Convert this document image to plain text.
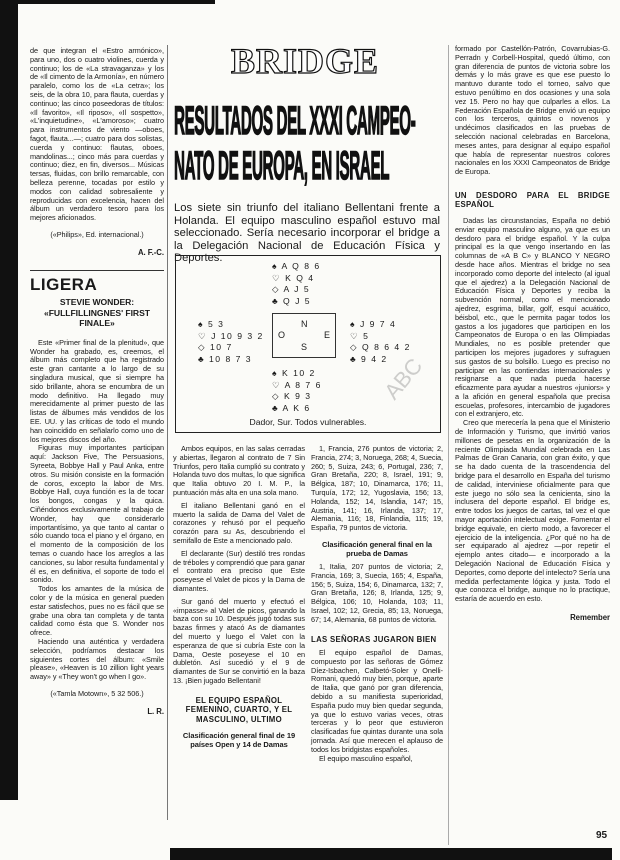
de que integran el «Estro armónico», para uno, dos o cuatro violines, cuerda y continuo; los de «La stravaganza» y los de «Il cimento de la Armonía», en número paralelo, como los de «La cetra»; los seis, de la obra 10, para flauta, cuerdas y continuo; las cinco poseedoras de títulos: «Il favorito», «Il riposo», «Il sospetto», «L'inquietudine», «L'amoroso»; cuatro para instrumentos de viento —oboes, fagot, flauta...—; cuatro para dos solistas, cuerda y continuo: flautas, oboes, mandolinas...; cinco más para cuerdas y continuo; diez, en fin, diversos... Músicas tersas, fluidas, con brillo remarcable, con belleza perenne, tocadas por estilo y modos con calidad sobresaliente y reproducidas con excelencia, hacen del álbum un verdadero tesoro para los mejores aficionados.

(«Philips», Ed. internacional.)
A. F.-C.
LIGERA
STEVIE WONDER: «FULLFILLINGNES' FIRST FINALE»

Este «Primer final de la plenitud», que Wonder ha grabado, es, creemos, el álbum más completo que ha registrado este gran cantante a lo largo de su singladura musical, que si siempre ha sido brillante, ahora se encumbra de un modo definitivo. Ha llegado muy merecidamente al primer puesto de las listas de álbumes más vendidos de los EE. UU. y las críticas de todo el mundo han coincidido en señalarlo como uno de los mejores discos del año.

Figuras muy importantes participan aquí: Jackson Five, The Persuasions, Syreeta, Bobbye Hall y Paul Anka, entre otros. Su misión consiste en la formación de coros, excepto la labor de Mrs. Bobbye Hall, cuya función es la de tocar los bongos, congas y la quica. Ciñéndonos exclusivamente al trabajo de Wonder, hay que considerarlo importantísimo, ya que tanto al cantar o sólo cuando toca el piano y el órgano, en el momento de la composición de los temas o cuando hace los arreglos a las canciones, su labor resulta fundamental y él es, en definitiva, el soporte de todo el sonido.

Todos los amantes de la música de color y de la música en general pueden estar satisfechos, pues no es fácil que se grabe una obra tan completa y de tanta calidad como ésta que S. Wonder nos ofrece.

Haciendo una auténtica y verdadera selección, podríamos destacar los siguientes cortes del álbum: «Smile please», «Heaven is 10 zillion light years away» y «They won't go when I go».

(«Tamla Motown», 5 32 506.)
L. R.
BRIDGE
RESULTADOS DEL XXXI CAMPEO-
NATO DE EUROPA, EN ISRAEL
Los siete sin triunfo del italiano Bellentani frente a Holanda. El equipo masculino español estuvo mal seleccionado. Sería necesario incorporar el bridge a la Delegación Nacional de Educación Física y Deportes.
♠ A Q 8 6
♡ K Q 4
◇ A J 5
♣ Q J 5
♠ 5 3
♡ J 10 9 3 2
◇ 10 7
♣ 10 8 7 3
N
O	E
S
♠ J 9 7 4
♡ 5
◇ Q 8 6 4 2
♣ 9 4 2
♠ K 10 2
♡ A 8 7 6
◇ K 9 3
♣ A K 6
ABC
Dador, Sur. Todos vulnerables.

Ambos equipos, en las salas cerradas y abiertas, llegaron al contrato de 7 Sin Triunfos, pero Italia cumplió su contrato y Holanda tuvo dos multas, lo que significa que Italia obtuvo 20 I. M. P., la puntuación más alta en una sola mano.

El italiano Bellentani ganó en el muerto la salida de Dama del Valet de corazones y rehusó por el pequeño corazón para su As, descubriendo el semifallo de Este a mencionado palo.

El declarante (Sur) destiló tres rondas de tréboles y comprendió que para ganar el contrato era preciso que Este poseyese el Valet de picos y la Dama de diamantes.

Sur ganó del muerto y efectuó el «impasse» al Valet de picos, ganando la baza con su 10. Después jugó todas sus bazas firmes y atacó As de diamantes del muerto y luego el Valet con la esperanza de que si cubría Este con la Dama, Oeste poseyese el 10 en dubletón. Así sucedió y el 9 de diamantes de Sur se convirtió en la baza 13. ¡Bien jugado Bellentani!

EL EQUIPO ESPAÑOL FEMENINO, CUARTO, Y EL MASCULINO, ULTIMO
Clasificación general final de 19 países Open y 14 de Damas

1, Francia, 276 puntos de victoria; 2, Francia, 274; 3, Noruega, 268; 4, Suecia, 260; 5, Suiza, 243; 6, Portugal, 236; 7, Gran Bretaña, 220; 8, Israel, 191; 9, Bélgica, 187; 10, Dinamarca, 176; 11, Turquía, 172; 12, Yugoslavia, 156; 13, Holanda, 152; 14, Islandia, 147; 15, Austria, 141; 16, Irlanda, 137; 17, Alemania, 116; 18, Finlandia, 115; 19, España, 79 puntos de victoria.

Clasificación general final en la prueba de Damas

1, Italia, 207 puntos de victoria; 2, Francia, 169; 3, Suecia, 165; 4, España, 156; 5, Suiza, 154; 6, Dinamarca, 132; 7, Gran Bretaña, 126; 8, Irlanda, 125; 9, Bélgica, 106; 10, Holanda, 103; 11, Israel, 102; 12, Grecia, 85; 13, Noruega, 67; 14, Alemania, 68 puntos de victoria.

LAS SEÑORAS JUGARON BIEN

El equipo español de Damas, compuesto por las señoras de Gómez Díez-Isbachen, Calbetó-Soler y Onelli-Romani, quedó muy bien, porque, aparte de Italia, que ganó por gran diferencia, debido a su manifiesta superioridad, España pudo muy bien quedar segunda, ya que lo estuvo varias veces, otras terceras y lo peor que estuvieron clasificadas fue quintas durante una sola jornada. Así que merecen el aplauso de todos los bridgistas españoles.

El equipo masculino español,

formado por Castellón-Patrón, Covarrubias-G. Perradn y Corbell-Hospital, quedó último, con gran diferencia de puntos de victoria sobre los demás y lo más grave es que ese puesto lo mantuvo durante todo el torneo, salvo que estuvo penúltimo en dos ocasiones y una sola vez 15. Pero no hay que culparles a ellos. La Federación Española de Bridge envió un equipo con los terceros, quintos o novenos y undécimos clasificados en las pruebas de selección nacional celebradas en Barcelona, meses antes, para designar al equipo español que había de representar nuestros colores nacionales en los XXXI Campeonatos de Bridge de Europa.

UN DESDORO PARA EL BRIDGE ESPAÑOL

Dadas las circunstancias, España no debió enviar equipo masculino alguno, ya que es un desdoro para el bridge español. Y la culpa principal es la que vengo insertando en las columnas de «A B C» y BLANCO Y NEGRO desde hace años. Mientras el bridge no sea incorporado como deporte del intelecto (al igual que el ajedrez) a la Delegación Nacional de Educación Física y Deportes y reciba la subvención normal, como el mencionado ajedrez, esgrima, billar, golf, esquí acuático, béisbol, etc., que le permita pagar todos los gastos a los jugadores que participen en los Campeonatos de Europa o en las Olimpiadas Mundiales, no es posible pretender que participen los mejores jugadores y sufraguen sus gastos de su bolsillo. Luego es preciso no participar en las contiendas internacionales y resignarse a que nada pueda hacerse eficazmente para ayudar a nuestros «juniors» y a la afición en general española que precisa escuelas, profesores, intercambio de jugadores con el extranjero, etc.

Creo que merecería la pena que el Ministerio de Información y Turismo, que invirtió varios millones de pesetas en la organización de la reciente Olimpiada Mundial celebrada en Las Palmas de Gran Canaria, con gran éxito, y que se ha dado cuenta de la trascendencia del bridge para el desarrollo en España del turismo de calidad, interviniese oficialmente para que este juego no sólo sea la cenicienta, sino la inclusera del deporte español. El bridge es, entre todos los juegos de cartas, tal vez el que mayor aportación intelectual exige. Fomentar el bridge equivale, en cierto modo, a favorecer el ejercicio de la inteligencia. ¿Por qué no ha de ser equiparado al ajedrez —por repetir el ejemplo antes citado— e incorporado a la Delegación Nacional de Educación Física y Deportes, como deporte del intelecto? Sería una medida perfectamente lógica y justa. Todo el que conozca el bridge, aunque no lo practique, estaría de acuerdo en esto.

Remember
95
